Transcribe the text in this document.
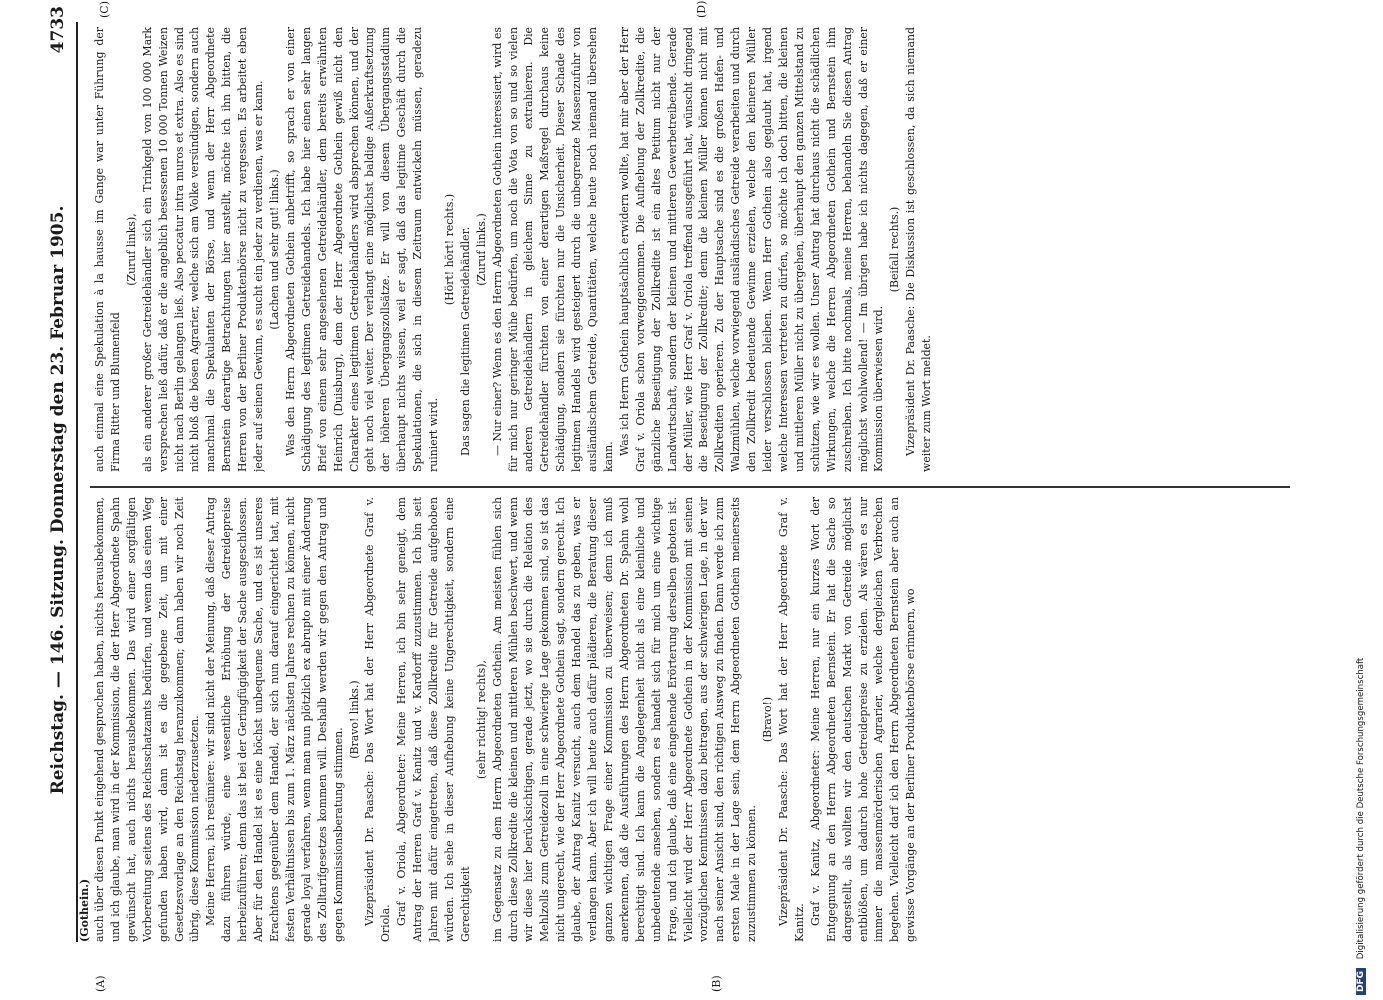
Reichstag. — 146. Sitzung. Donnerstag den 23. Februar 1905.
4733
(Gothein.)
(A)	(B)
(C)	(D)

auch über diesen Punkt eingehend gesprochen haben, nichts herausbekommen, und ich glaube, man wird in der Kommission, die der Herr Abgeordnete Spahn gewünscht hat, auch nichts herausbekommen. Das wird einer sorgfältigen Vorbereitung seitens des Reichsschatzamts bedürfen, und wenn das einen Weg gefunden haben wird, dann ist es die gegebene Zeit, um mit einer Gesetzesvorlage an den Reichstag heranzukommen; dann haben wir noch Zeit übrig, diese Kommission niederzusetzen. Meine Herren, ich resümiere: wir sind nicht der Meinung, daß dieser Antrag dazu führen würde, eine wesentliche Erhöhung der Getreidepreise herbeizuführen; denn das ist bei der Geringfügigkeit der Sache ausgeschlossen. Aber für den Handel ist es eine höchst unbequeme Sache, und es ist unseres Erachtens gegenüber dem Handel, der sich nun darauf eingerichtet hat, mit festen Verhältnissen bis zum 1. März nächsten Jahres rechnen zu können, nicht gerade loyal verfahren, wenn man nun plötzlich ex abrupto mit einer Änderung des Zolltarifgesetzes kommen will. Deshalb werden wir gegen den Antrag und gegen Kommissionsberatung stimmen.

(Bravo! links.) Vizepräsident Dr. Paasche: Das Wort hat der Herr Abgeordnete Graf v. Oriola. Graf v. Oriola, Abgeordneter: Meine Herren, ich bin sehr geneigt, dem Antrag der Herren Graf v. Kanitz und v. Kardorff zuzustimmen. Ich bin seit Jahren mit dafür eingetreten, daß diese Zollkredite für Getreide aufgehoben würden. Ich sehe in dieser Aufhebung keine Ungerechtigkeit, sondern eine Gerechtigkeit

(sehr richtig! rechts), im Gegensatz zu dem Herrn Abgeordneten Gothein. Am meisten fühlen sich durch diese Zollkredite die kleinen und mittleren Mühlen beschwert, und wenn wir diese hier berücksichtigen, gerade jetzt, wo sie durch die Relation des Mehlzolls zum Getreidezoll in eine schwierige Lage gekommen sind, so ist das nicht ungerecht, wie der Herr Abgeordnete Gothein sagt, sondern gerecht. Ich glaube, der Antrag Kanitz versucht, auch dem Handel das zu geben, was er verlangen kann. Aber ich will heute auch dafür plädieren, die Beratung dieser ganzen wichtigen Frage einer Kommission zu überweisen; denn ich muß anerkennen, daß die Ausführungen des Herrn Abgeordneten Dr. Spahn wohl berechtigt sind. Ich kann die Angelegenheit nicht als eine kleinliche und unbedeutende ansehen, sondern es handelt sich für mich um eine wichtige Frage, und ich glaube, daß eine eingehende Erörterung derselben geboten ist. Vielleicht wird der Herr Abgeordnete Gothein in der Kommission mit seinen vorzüglichen Kenntnissen dazu beitragen, aus der schwierigen Lage, in der wir nach seiner Ansicht sind, den richtigen Ausweg zu finden. Dann werde ich zum ersten Male in der Lage sein, dem Herrn Abgeordneten Gothein meinerseits zuzustimmen zu können.

(Bravo!) Vizepräsident Dr. Paasche: Das Wort hat der Herr Abgeordnete Graf v. Kanitz. Graf v. Kanitz, Abgeordneter: Meine Herren, nur ein kurzes Wort der Entgegnung an den Herrn Abgeordneten Bernstein. Er hat die Sache so dargestellt, als wollten wir den deutschen Markt von Getreide möglichst entblößen, um dadurch hohe Getreidepreise zu erzielen. Als wären es nur immer die massenmörderischen Agrarier, welche dergleichen Verbrechen begehen. Vielleicht darf ich den Herrn Abgeordneten Bernstein aber auch an gewisse Vorgänge an der Berliner Produktenbörse erinnern, wo

auch einmal eine Spekulation à la hausse im Gange war unter Führung der Firma Ritter und Blumenfeld

(Zuruf links), als ein anderer großer Getreidehändler sich ein Trinkgeld von 100 000 Mark versprechen ließ dafür, daß er die angeblich besessenen 10 000 Tonnen Weizen nicht nach Berlin gelangen ließ. Also peccatur intra muros et extra. Also es sind nicht bloß die bösen Agrarier, welche sich am Volke versündigen, sondern auch manchmal die Spekulanten der Börse, und wenn der Herr Abgeordnete Bernstein derartige Betrachtungen hier anstellt, möchte ich ihn bitten, die Herren von der Berliner Produktenbörse nicht zu vergessen. Es arbeitet eben jeder auf seinen Gewinn, es sucht ein jeder zu verdienen, was er kann. (Lachen und sehr gut! links.) Was den Herrn Abgeordneten Gothein anbetrifft, so sprach er von einer Schädigung des legitimen Getreidehandels. Ich habe hier einen sehr langen Brief von einem sehr angesehenen Getreidehändler, dem bereits erwähnten Heinrich (Duisburg), dem der Herr Abgeordnete Gothein gewiß nicht den Charakter eines legitimen Getreidehändlers wird absprechen können, und der geht noch viel weiter. Der verlangt eine möglichst baldige Außerkraftsetzung der höheren Übergangszollsätze. Er will von diesem Übergangsstadium überhaupt nichts wissen, weil er sagt, daß das legitime Geschäft durch die Spekulationen, die sich in diesem Zeitraum entwickeln müssen, geradezu ruiniert wird.

(Hört! hört! rechts.) Das sagen die legitimen Getreidehändler. (Zuruf links.) — Nur einer? Wenn es den Herrn Abgeordneten Gothein interessiert, wird es für mich nur geringer Mühe bedürfen, um noch die Vota von so und so vielen anderen Getreidehändlern in gleichem Sinne zu extrahieren. Die Getreidehändler fürchten von einer derartigen Maßregel durchaus keine Schädigung, sondern sie fürchten nur die Unsicherheit. Dieser Schade des legitimen Handels wird gesteigert durch die unbegrenzte Massenzufuhr von ausländischem Getreide, Quantitäten, welche heute noch niemand übersehen kann.

Was ich Herrn Gothein hauptsächlich erwidern wollte, hat mir aber der Herr Graf v. Oriola schon vorweggenommen. Die Aufhebung der Zollkredite, die gänzliche Beseitigung der Zollkredite ist ein altes Petitum nicht nur der Landwirtschaft, sondern der kleinen und mittleren Gewerbetreibende. Gerade der Müller, wie Herr Graf v. Oriola treffend ausgeführt hat, wünscht dringend die Beseitigung der Zollkredite; denn die kleinen Müller können nicht mit Zollkrediten operieren. Zu der Hauptsache sind es die großen Hafen- und Walzmühlen, welche vorwiegend ausländisches Getreide verarbeiten und durch den Zollkredit bedeutende Gewinne erzielen, welche den kleineren Müller leider verschlossen bleiben. Wenn Herr Gothein also geglaubt hat, irgend welche Interessen vertreten zu dürfen, so möchte ich doch bitten, die kleinen und mittleren Müller nicht zu übergehen, überhaupt den ganzen Mittelstand zu schützen, wie wir es wollen. Unser Antrag hat durchaus nicht die schädlichen Wirkungen, welche die Herren Abgeordneten Gothein und Bernstein ihm zuschreiben. Ich bitte nochmals, meine Herren, behandeln Sie diesen Antrag möglichst wohlwollend! — Im übrigen habe ich nichts dagegen, daß er einer Kommission überwiesen wird.

(Beifall rechts.) Vizepräsident Dr. Paasche: Die Diskussion ist geschlossen, da sich niemand weiter zum Wort meldet.

DFG Digitalisierung gefördert durch die Deutsche Forschungsgemeinschaft
